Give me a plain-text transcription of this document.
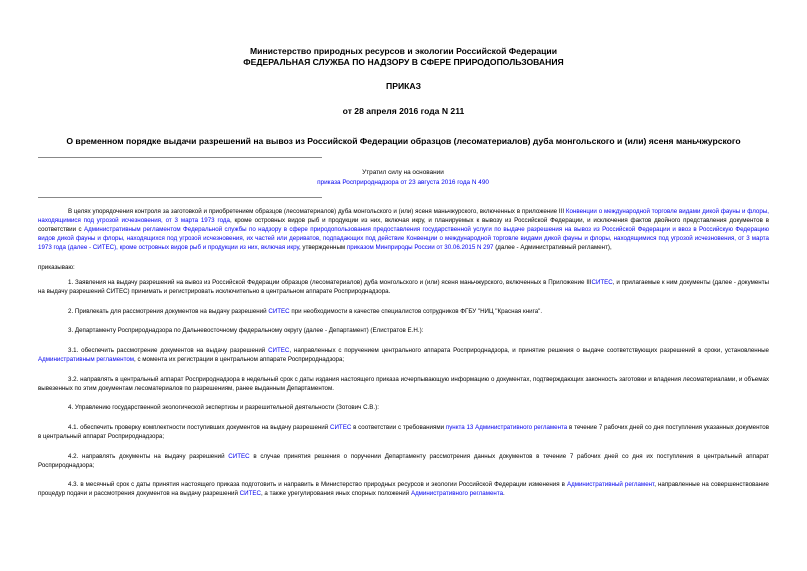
Министерство природных ресурсов и экологии Российской Федерации
ФЕДЕРАЛЬНАЯ СЛУЖБА ПО НАДЗОРУ В СФЕРЕ ПРИРОДОПОЛЬЗОВАНИЯ
ПРИКАЗ
от 28 апреля 2016 года N 211
О временном порядке выдачи разрешений на вывоз из Российской Федерации образцов (лесоматериалов) дуба монгольского и (или) ясеня маньчжурского
Утратил силу на основании
приказа Росприроднадзора от 23 августа 2016 года N 490

В целях упорядочения контроля за заготовкой и приобретением образцов (лесоматериалов) дуба монгольского и (или) ясеня маньчжурского, включенных в приложение III Конвенции о международной торговле видами дикой фауны и флоры, находящимися под угрозой исчезновения, от 3 марта 1973 года, кроме островных видов рыб и продукции из них, включая икру, и планируемых к вывозу из Российской Федерации, и исключения фактов двойного представления документов в соответствии с Административным регламентом Федеральной службы по надзору в сфере природопользования предоставления государственной услуги по выдаче разрешения на вывоз из Российской Федерации и ввоз в Российскую Федерацию видов дикой фауны и флоры, находящихся под угрозой исчезновения, их частей или дериватов, подпадающих под действие Конвенции о международной торговле видами дикой фауны и флоры, находящимися под угрозой исчезновения, от 3 марта 1973 года (далее - СИТЕС), кроме островных видов рыб и продукции из них, включая икру, утвержденным приказом Минприроды России от 30.06.2015 N 297 (далее - Административный регламент),

приказываю:

1. Заявления на выдачу разрешений на вывоз из Российской Федерации образцов (лесоматериалов) дуба монгольского и (или) ясеня маньчжурского, включенных в Приложение IIIСИТЕС, и прилагаемые к ним документы (далее - документы на выдачу разрешений СИТЕС) принимать и регистрировать исключительно в центральном аппарате Росприроднадзора.

2. Привлекать для рассмотрения документов на выдачу разрешений СИТЕС при необходимости в качестве специалистов сотрудников ФГБУ "НИЦ "Красная книга".

3. Департаменту Росприроднадзора по Дальневосточному федеральному округу (далее - Департамент) (Елистратов Е.Н.):

3.1. обеспечить рассмотрение документов на выдачу разрешений СИТЕС, направленных с поручением центрального аппарата Росприроднадзора, и принятие решения о выдаче соответствующих разрешений в сроки, установленные Административным регламентом, с момента их регистрации в центральном аппарате Росприроднадзора;

3.2. направлять в центральный аппарат Росприроднадзора в недельный срок с даты издания настоящего приказа исчерпывающую информацию о документах, подтверждающих законность заготовки и владения лесоматериалами, и объемах вывезенных по этим документам лесоматериалов по разрешениям, ранее выданным Департаментом.

4. Управлению государственной экологической экспертизы и разрешительной деятельности (Зотович С.В.):

4.1. обеспечить проверку комплектности поступивших документов на выдачу разрешений СИТЕС в соответствии с требованиями пункта 13 Административного регламента в течение 7 рабочих дней со дня поступления указанных документов в центральный аппарат Росприроднадзора;

4.2. направлять документы на выдачу разрешений СИТЕС в случае принятия решения о поручении Департаменту рассмотрения данных документов в течение 7 рабочих дней со дня их поступления в центральный аппарат Росприроднадзора;

4.3. в месячный срок с даты принятия настоящего приказа подготовить и направить в Министерство природных ресурсов и экологии Российской Федерации изменения в Административный регламент, направленные на совершенствование процедур подачи и рассмотрения документов на выдачу разрешений СИТЕС, а также урегулирования иных спорных положений Административного регламента.
